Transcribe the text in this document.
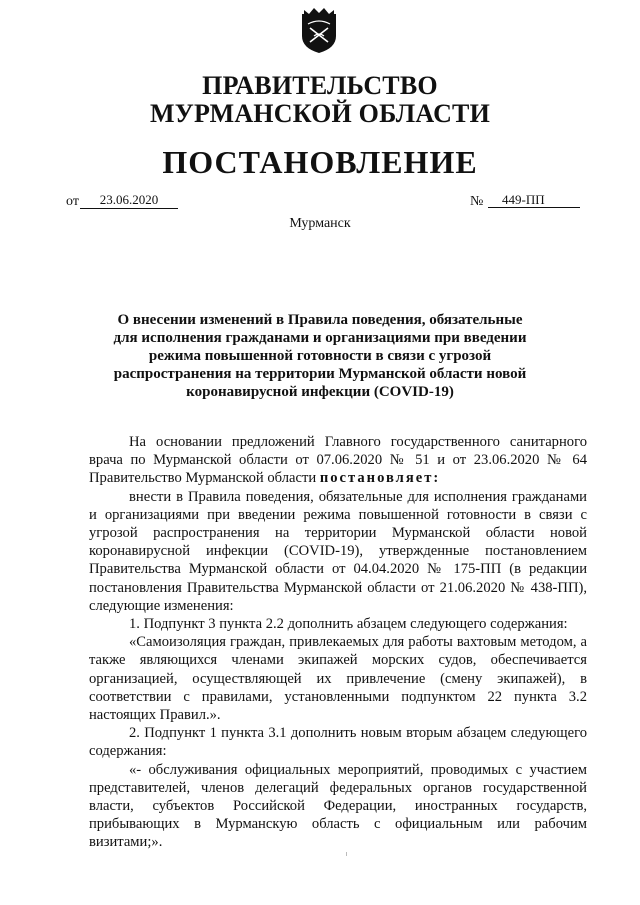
ПРАВИТЕЛЬСТВО
МУРМАНСКОЙ ОБЛАСТИ
ПОСТАНОВЛЕНИЕ
от	23.06.2020	№	449-ПП
Мурманск
О внесении изменений в Правила поведения, обязательные
для исполнения гражданами и организациями при введении
режима повышенной готовности в связи с угрозой
распространения на территории Мурманской области новой
коронавирусной инфекции (COVID-19)

На основании предложений Главного государственного санитарного врача по Мурманской области от 07.06.2020 № 51 и от 23.06.2020 № 64 Правительство Мурманской области постановляет:

внести в Правила поведения, обязательные для исполнения гражданами и организациями при введении режима повышенной готовности в связи с угрозой распространения на территории Мурманской области новой коронавирусной инфекции (COVID-19), утвержденные постановлением Правительства Мурманской области от 04.04.2020 № 175-ПП (в редакции постановления Правительства Мурманской области от 21.06.2020 № 438-ПП), следующие изменения:

1. Подпункт 3 пункта 2.2 дополнить абзацем следующего содержания:

«Самоизоляция граждан, привлекаемых для работы вахтовым методом, а также являющихся членами экипажей морских судов, обеспечивается организацией, осуществляющей их привлечение (смену экипажей), в соответствии с правилами, установленными подпунктом 22 пункта 3.2 настоящих Правил.».

2. Подпункт 1 пункта 3.1 дополнить новым вторым абзацем следующего содержания:

«- обслуживания официальных мероприятий, проводимых с участием представителей, членов делегаций федеральных органов государственной власти, субъектов Российской Федерации, иностранных государств, прибывающих в Мурманскую область с официальным или рабочим визитами;».
